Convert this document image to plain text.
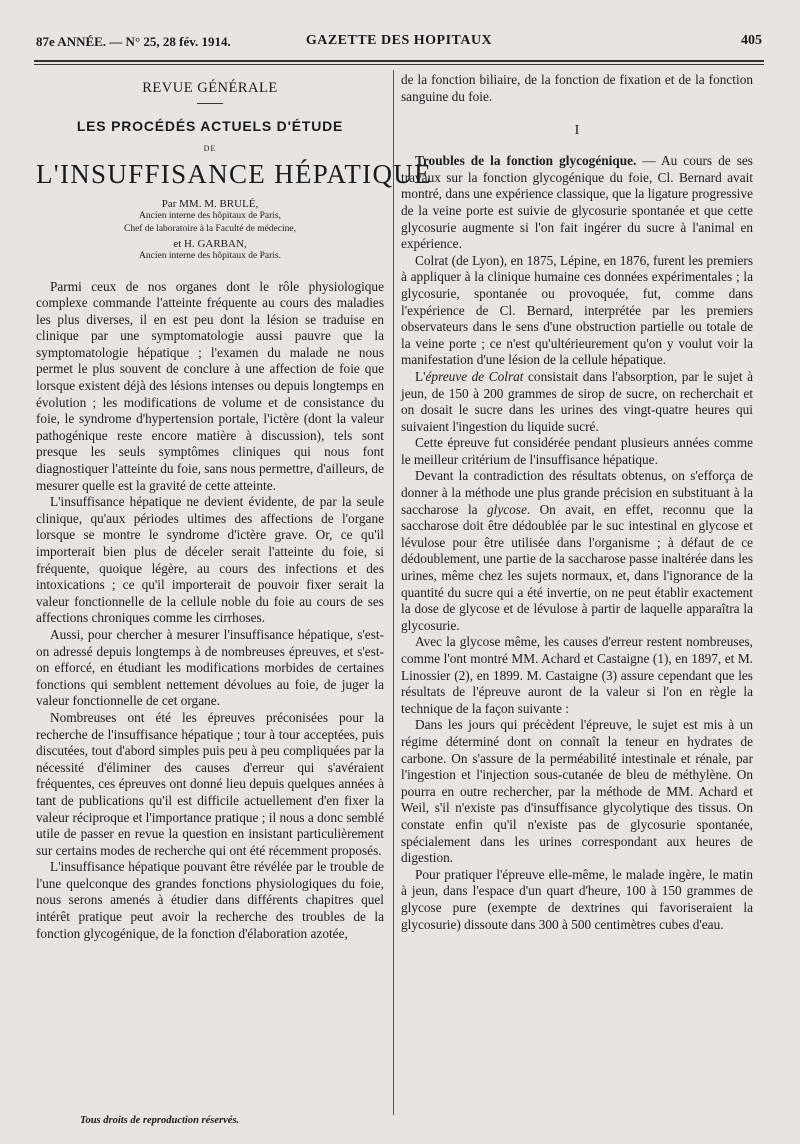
87e ANNÉE. — N° 25, 28 fév. 1914.	GAZETTE DES HOPITAUX	405
REVUE GÉNÉRALE
LES PROCÉDÉS ACTUELS D'ÉTUDE
DE
L'INSUFFISANCE HÉPATIQUE
Par MM. M. BRULÉ,
Ancien interne des hôpitaux de Paris,
Chef de laboratoire à la Faculté de médecine,
et H. GARBAN,
Ancien interne des hôpitaux de Paris.

Parmi ceux de nos organes dont le rôle physiologique complexe commande l'atteinte fréquente au cours des maladies les plus diverses, il en est peu dont la lésion se traduise en clinique par une symptomatologie aussi pauvre que la symptomatologie hépatique ; l'examen du malade ne nous permet le plus souvent de conclure à une affection de foie que lorsque existent déjà des lésions intenses ou depuis longtemps en évolution ; les modifications de volume et de consistance du foie, le syndrome d'hypertension portale, l'ictère (dont la valeur pathogénique reste encore matière à discussion), tels sont presque les seuls symptômes cliniques qui nous font diagnostiquer l'atteinte du foie, sans nous permettre, d'ailleurs, de mesurer quelle est la gravité de cette atteinte.

L'insuffisance hépatique ne devient évidente, de par la seule clinique, qu'aux périodes ultimes des affections de l'organe lorsque se montre le syndrome d'ictère grave. Or, ce qu'il importerait bien plus de déceler serait l'atteinte du foie, si fréquente, quoique légère, au cours des infections et des intoxications ; ce qu'il importerait de pouvoir fixer serait la valeur fonctionnelle de la cellule noble du foie au cours de ses affections chroniques comme les cirrhoses.

Aussi, pour chercher à mesurer l'insuffisance hépatique, s'est-on adressé depuis longtemps à de nombreuses épreuves, et s'est-on efforcé, en étudiant les modifications morbides de certaines fonctions qui semblent nettement dévolues au foie, de juger la valeur fonctionnelle de cet organe.

Nombreuses ont été les épreuves préconisées pour la recherche de l'insuffisance hépatique ; tour à tour acceptées, puis discutées, tout d'abord simples puis peu à peu compliquées par la nécessité d'éliminer des causes d'erreur qui s'avéraient fréquentes, ces épreuves ont donné lieu depuis quelques années à tant de publications qu'il est difficile actuellement d'en fixer la valeur réciproque et l'importance pratique ; il nous a donc semblé utile de passer en revue la question en insistant particulièrement sur certains modes de recherche qui ont été récemment proposés.

L'insuffisance hépatique pouvant être révélée par le trouble de l'une quelconque des grandes fonctions physiologiques du foie, nous serons amenés à étudier dans différents chapitres quel intérêt pratique peut avoir la recherche des troubles de la fonction glycogénique, de la fonction d'élaboration azotée,

de la fonction biliaire, de la fonction de fixation et de la fonction sanguine du foie.

I

Troubles de la fonction glycogénique. — Au cours de ses travaux sur la fonction glycogénique du foie, Cl. Bernard avait montré, dans une expérience classique, que la ligature progressive de la veine porte est suivie de glycosurie spontanée et que cette glycosurie augmente si l'on fait ingérer du sucre à l'animal en expérience.

Colrat (de Lyon), en 1875, Lépine, en 1876, furent les premiers à appliquer à la clinique humaine ces données expérimentales ; la glycosurie, spontanée ou provoquée, fut, comme dans l'expérience de Cl. Bernard, interprétée par les premiers observateurs dans le sens d'une obstruction partielle ou totale de la veine porte ; ce n'est qu'ultérieurement qu'on y voulut voir la manifestation d'une lésion de la cellule hépatique.

L'épreuve de Colrat consistait dans l'absorption, par le sujet à jeun, de 150 à 200 grammes de sirop de sucre, on recherchait et on dosait le sucre dans les urines des vingt-quatre heures qui suivaient l'ingestion du liquide sucré.

Cette épreuve fut considérée pendant plusieurs années comme le meilleur critérium de l'insuffisance hépatique.

Devant la contradiction des résultats obtenus, on s'efforça de donner à la méthode une plus grande précision en substituant à la saccharose la glycose. On avait, en effet, reconnu que la saccharose doit être dédoublée par le suc intestinal en glycose et lévulose pour être utilisée dans l'organisme ; à défaut de ce dédoublement, une partie de la saccharose passe inaltérée dans les urines, même chez les sujets normaux, et, dans l'ignorance de la quantité du sucre qui a été invertie, on ne peut établir exactement la dose de glycose et de lévulose à partir de laquelle apparaîtra la glycosurie.

Avec la glycose même, les causes d'erreur restent nombreuses, comme l'ont montré MM. Achard et Castaigne (1), en 1897, et M. Linossier (2), en 1899. M. Castaigne (3) assure cependant que les résultats de l'épreuve auront de la valeur si l'on en règle la technique de la façon suivante :

Dans les jours qui précèdent l'épreuve, le sujet est mis à un régime déterminé dont on connaît la teneur en hydrates de carbone. On s'assure de la perméabilité intestinale et rénale, par l'ingestion et l'injection sous-cutanée de bleu de méthylène. On pourra en outre rechercher, par la méthode de MM. Achard et Weil, s'il n'existe pas d'insuffisance glycolytique des tissus. On constate enfin qu'il n'existe pas de glycosurie spontanée, spécialement dans les urines correspondant aux heures de digestion.

Pour pratiquer l'épreuve elle-même, le malade ingère, le matin à jeun, dans l'espace d'un quart d'heure, 100 à 150 grammes de glycose pure (exempte de dextrines qui favoriseraient la glycosurie) dissoute dans 300 à 500 centimètres cubes d'eau.

Tous droits de reproduction réservés.
